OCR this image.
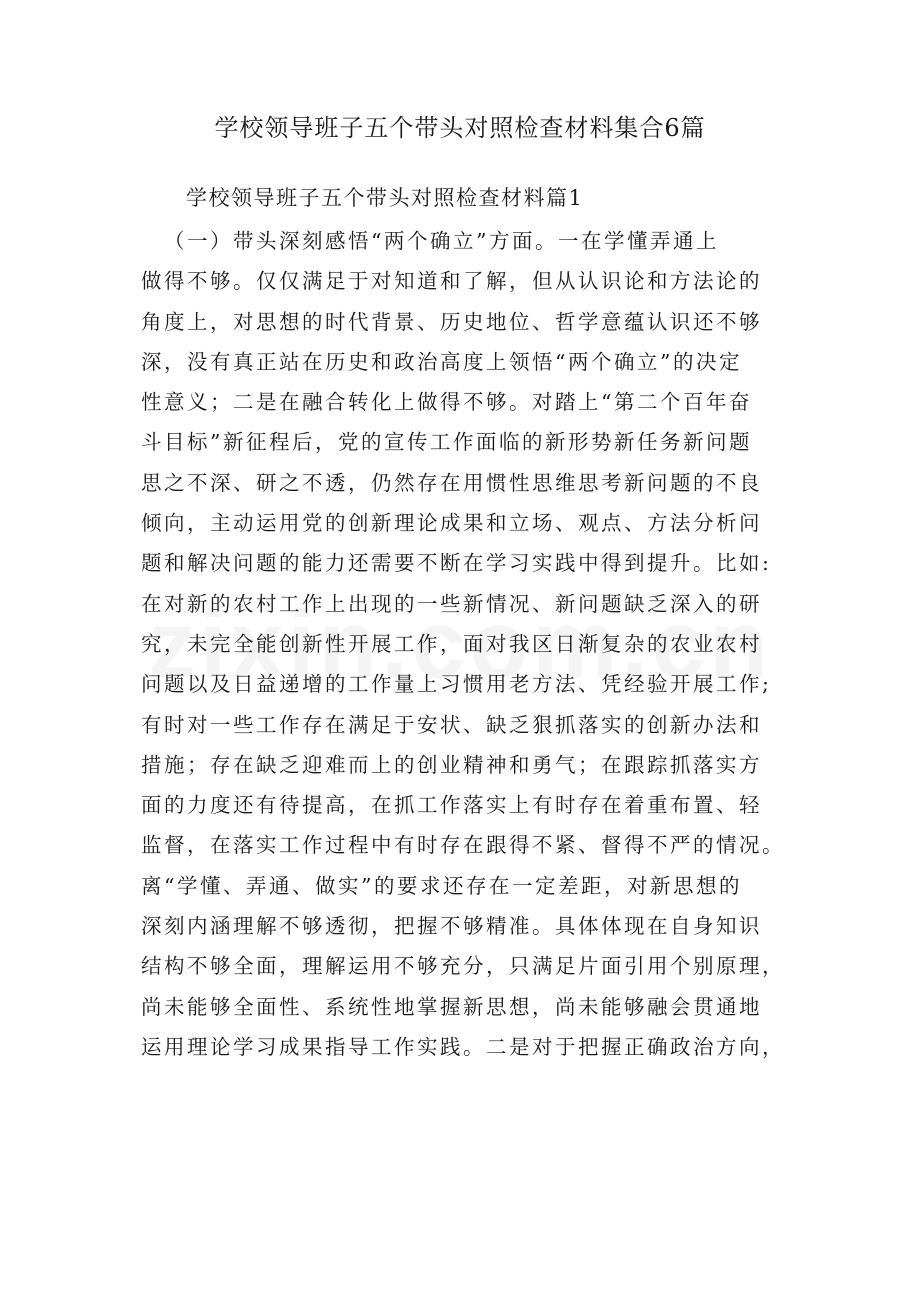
学校领导班子五个带头对照检查材料集合6篇
学校领导班子五个带头对照检查材料篇1
（一）带头深刻感悟“两个确立”方面。一在学懂弄通上
做得不够。仅仅满足于对知道和了解，但从认识论和方法论的
角度上，对思想的时代背景、历史地位、哲学意蕴认识还不够
深，没有真正站在历史和政治高度上领悟“两个确立”的决定
性意义；二是在融合转化上做得不够。对踏上“第二个百年奋
斗目标”新征程后，党的宣传工作面临的新形势新任务新问题
思之不深、研之不透，仍然存在用惯性思维思考新问题的不良
倾向，主动运用党的创新理论成果和立场、观点、方法分析问
题和解决问题的能力还需要不断在学习实践中得到提升。比如:
在对新的农村工作上出现的一些新情况、新问题缺乏深入的研
究，未完全能创新性开展工作，面对我区日渐复杂的农业农村
问题以及日益递增的工作量上习惯用老方法、凭经验开展工作;
有时对一些工作存在满足于安状、缺乏狠抓落实的创新办法和
措施；存在缺乏迎难而上的创业精神和勇气；在跟踪抓落实方
面的力度还有待提高，在抓工作落实上有时存在着重布置、轻
监督，在落实工作过程中有时存在跟得不紧、督得不严的情况。
离“学懂、弄通、做实”的要求还存在一定差距，对新思想的
深刻内涵理解不够透彻，把握不够精准。具体体现在自身知识
结构不够全面，理解运用不够充分，只满足片面引用个别原理，
尚未能够全面性、系统性地掌握新思想，尚未能够融会贯通地
运用理论学习成果指导工作实践。二是对于把握正确政治方向，
